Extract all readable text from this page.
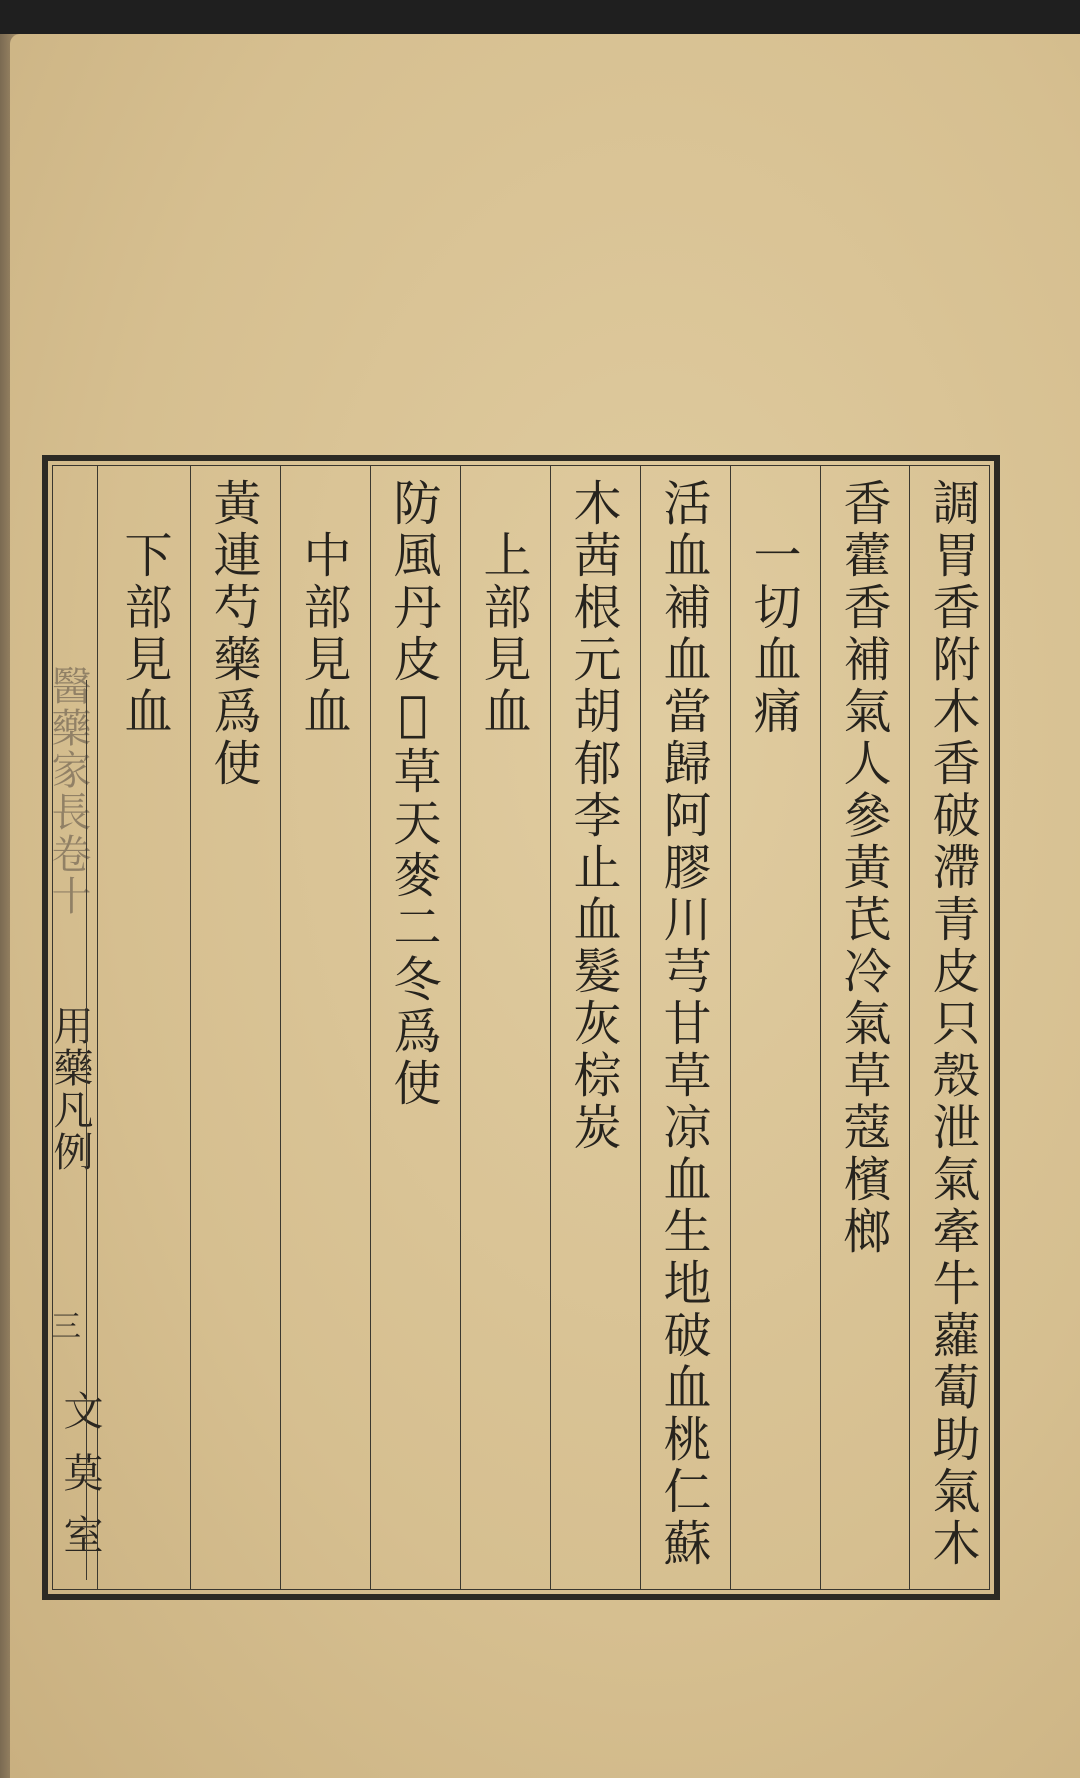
調胃香附木香破滯青皮只殼泄氣牽牛蘿蔔助氣木
香藿香補氣人參黃芪冷氣草蔻檳榔
　一切血痛
活血補血當歸阿膠川芎甘草凉血生地破血桃仁蘇
木茜根元胡郁李止血髮灰棕炭
　上部見血
防風丹皮𦶜草天麥二冬爲使
　中部見血
黃連芍藥爲使
　下部見血
醫藥家長卷十
用藥凡例
三
文莫室
